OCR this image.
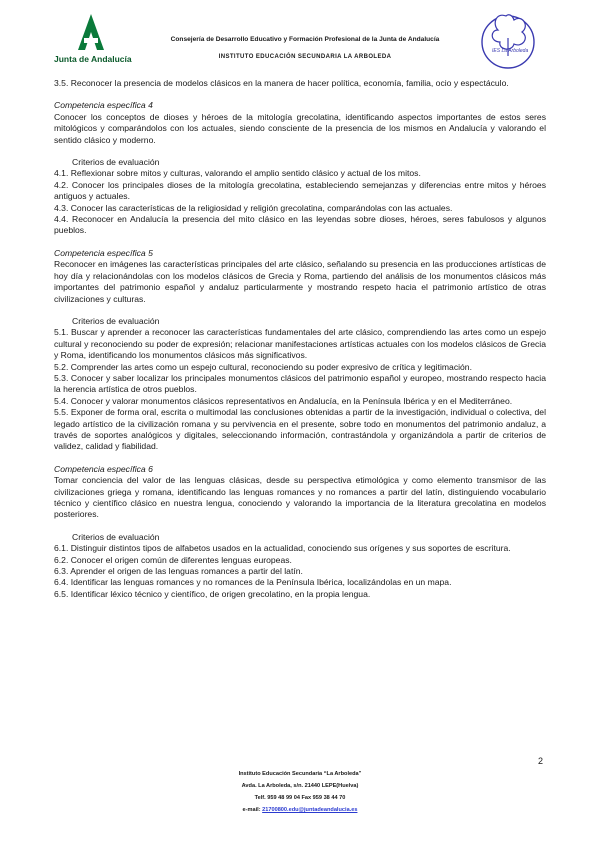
Junta de Andalucía
Consejería de Desarrollo Educativo y Formación Profesional de la Junta de Andalucía
INSTITUTO EDUCACIÓN SECUNDARIA LA ARBOLEDA
IES La Arboleda

3.5. Reconocer la presencia de modelos clásicos en la manera de hacer política, economía, familia, ocio y espectáculo.

Competencia específica 4

Conocer los conceptos de dioses y héroes de la mitología grecolatina, identificando aspectos importantes de estos seres mitológicos y comparándolos con los actuales, siendo consciente de la presencia de los mismos en Andalucía y valorando el sentido clásico y moderno.

Criterios de evaluación

4.1. Reflexionar sobre mitos y culturas, valorando el amplio sentido clásico y actual de los mitos.

4.2. Conocer los principales dioses de la mitología grecolatina, estableciendo semejanzas y diferencias entre mitos y héroes antiguos y actuales.

4.3. Conocer las características de la religiosidad y religión grecolatina, comparándolas con las actuales.

4.4. Reconocer en Andalucía la presencia del mito clásico en las leyendas sobre dioses, héroes, seres fabulosos y algunos pueblos.

Competencia específica 5

Reconocer en imágenes las características principales del arte clásico, señalando su presencia en las producciones artísticas de hoy día y relacionándolas con los modelos clásicos de Grecia y Roma, partiendo del análisis de los monumentos clásicos más importantes del patrimonio español y andaluz particularmente y mostrando respeto hacia el patrimonio artístico de otras civilizaciones y culturas.

Criterios de evaluación

5.1. Buscar y aprender a reconocer las características fundamentales del arte clásico, comprendiendo las artes como un espejo cultural y reconociendo su poder de expresión; relacionar manifestaciones artísticas actuales con los modelos clásicos de Grecia y Roma, identificando los monumentos clásicos más significativos.

5.2. Comprender las artes como un espejo cultural, reconociendo su poder expresivo de crítica y legitimación.

5.3. Conocer y saber localizar los principales monumentos clásicos del patrimonio español y europeo, mostrando respecto hacia la herencia artística de otros pueblos.

5.4. Conocer y valorar monumentos clásicos representativos en Andalucía, en la Península Ibérica y en el Mediterráneo.

5.5. Exponer de forma oral, escrita o multimodal las conclusiones obtenidas a partir de la investigación, individual o colectiva, del legado artístico de la civilización romana y su pervivencia en el presente, sobre todo en monumentos del patrimonio andaluz, a través de soportes analógicos y digitales, seleccionando información, contrastándola y organizándola a partir de criterios de validez, calidad y fiabilidad.

Competencia específica 6

Tomar conciencia del valor de las lenguas clásicas, desde su perspectiva etimológica y como elemento transmisor de las civilizaciones griega y romana, identificando las lenguas romances y no romances a partir del latín, distinguiendo vocabulario técnico y científico clásico en nuestra lengua, conociendo y valorando la importancia de la literatura grecolatina en modelos posteriores.

Criterios de evaluación

6.1. Distinguir distintos tipos de alfabetos usados en la actualidad, conociendo sus orígenes y sus soportes de escritura.

6.2. Conocer el origen común de diferentes lenguas europeas.

6.3. Aprender el origen de las lenguas romances a partir del latín.

6.4. Identificar las lenguas romances y no romances de la Península Ibérica, localizándolas en un mapa.

6.5. Identificar léxico técnico y científico, de origen grecolatino, en la propia lengua.

2
Instituto Educación Secundaria “La Arboleda”
Avda. La Arboleda, s/n. 21440 LEPE(Huelva)
Telf. 959 48 99 04 Fax 959 38 44 70
e-mail: 21700800.edu@juntadeandalucia.es
